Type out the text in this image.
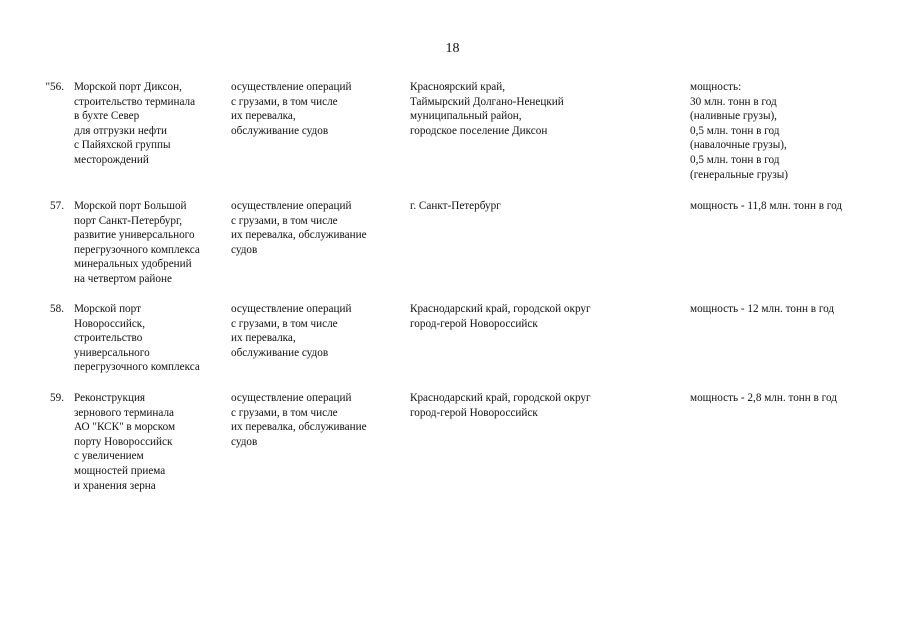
18
"56. Морской порт Диксон,
строительство терминала
в бухте Север
для отгрузки нефти
с Пайяхской группы
месторождений
осуществление операций
с грузами, в том числе
их перевалка,
обслуживание судов
Красноярский край,
Таймырский Долгано-Ненецкий
муниципальный район,
городское поселение Диксон
мощность:
30 млн. тонн в год
(наливные грузы),
0,5 млн. тонн в год
(навалочные грузы),
0,5 млн. тонн в год
(генеральные грузы)
57. Морской порт Большой
порт Санкт-Петербург,
развитие универсального
перегрузочного комплекса
минеральных удобрений
на четвертом районе
осуществление операций
с грузами, в том числе
их перевалка, обслуживание
судов
г. Санкт-Петербург	мощность - 11,8 млн. тонн в год
58. Морской порт
Новороссийск,
строительство
универсального
перегрузочного комплекса
осуществление операций
с грузами, в том числе
их перевалка,
обслуживание судов
Краснодарский край, городской округ
город-герой Новороссийск
мощность - 12 млн. тонн в год
59. Реконструкция
зернового терминала
АО "КСК" в морском
порту Новороссийск
с увеличением
мощностей приема
и хранения зерна
осуществление операций
с грузами, в том числе
их перевалка, обслуживание
судов
Краснодарский край, городской округ
город-герой Новороссийск
мощность - 2,8 млн. тонн в год
